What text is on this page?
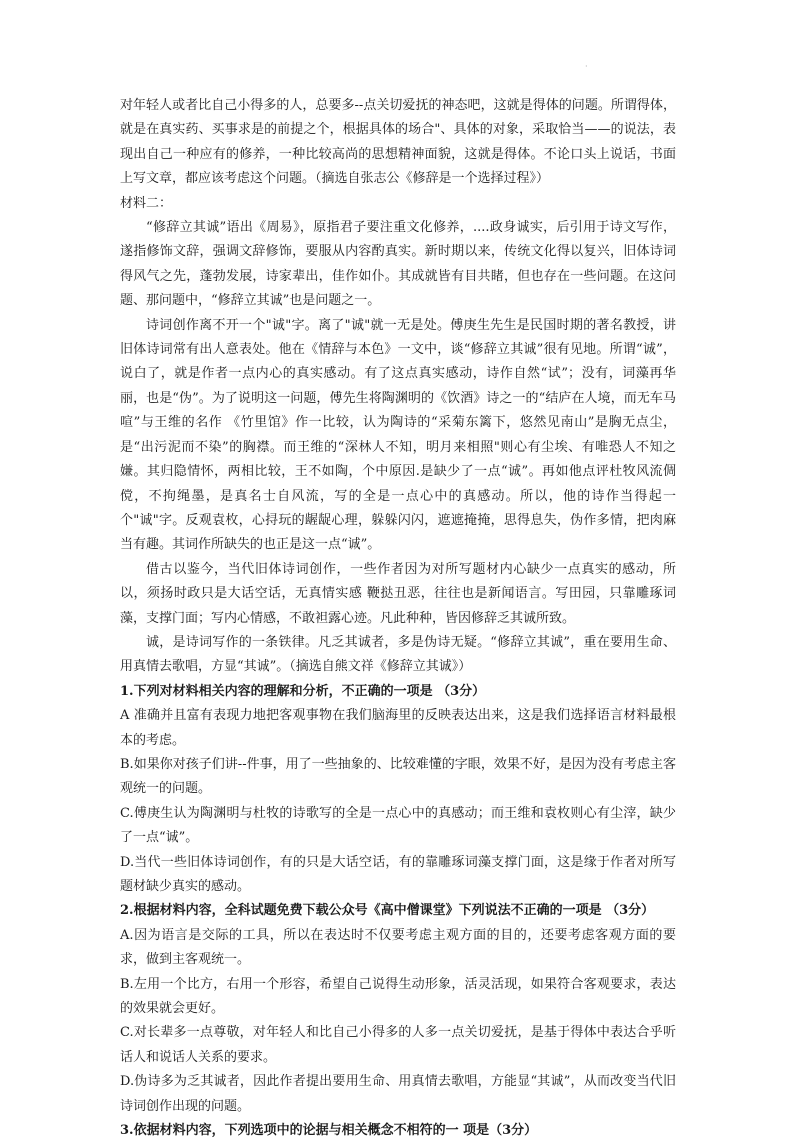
·

对年轻人或者比自己小得多的人，总要多--点关切爱抚的神态吧，这就是得体的问题。所谓得体，就是在真实药、买事求是的前提之个，根据具体的场合"、具体的对象，采取恰当——的说法，表现出自己一种应有的修养，一种比较高尚的思想精神面貌，这就是得体。不论口头上说话，书面上写文章，都应该考虑这个问题。（摘选自张志公《修辞是一个选择过程》）

材料二：

“修辞立其诚”语出《周易》，原指君子要注重文化修养，....政身诚实，后引用于诗文写作，遂指修饰文辞，强调文辞修饰，要服从内容酌真实。新时期以来，传统文化得以复兴，旧体诗词得风气之先，蓬勃发展，诗家辈出，佳作如仆。其成就皆有目共睹，但也存在一些问题。在这问题、那问题中，“修辞立其诚”也是问题之一。

诗词创作离不开一个"诚"字。离了"诚"就一无是处。傅庚生先生是民国时期的著名教授，讲旧体诗词常有出人意表处。他在《情辞与本色》一文中，谈“修辞立其诚”很有见地。所谓“诚”，说白了，就是作者一点内心的真实感动。有了这点真实感动，诗作自然“试”；没有，词藻再华丽，也是“伪”。为了说明这一问题，傅先生将陶渊明的《饮酒》诗之一的“结庐在人境，而无车马喧”与王维的名作 《竹里馆》作一比较，认为陶诗的“采菊东篱下，悠然见南山”是胸无点尘，是“出污泥而不染”的胸襟。而王维的“深林人不知，明月来相照"则心有尘埃、有唯恐人不知之嫌。其归隐情怀，两相比较，王不如陶，个中原因.是缺少了一点“诚”。再如他点评杜牧风流倜傥，不拘绳墨，是真名士自风流，写的全是一点心中的真感动。所以，他的诗作当得起一个"诚"字。反观袁枚，心挦玩的龌龊心理，躲躲闪闪，遮遮掩掩，思得息失，伪作多情，把肉麻当有趣。其词作所缺失的也正是这一点“诚”。

借古以鉴今，当代旧体诗词创作，一些作者因为对所写题材内心缺少一点真实的感动，所以，须扬时政只是大话空话，无真情实感 鞭挞丑恶，往往也是新闻语言。写田园，只靠雕琢词藻，支撑门面；写内心情感，不敢袒露心迹。凡此种种，皆因修辞乏其诚所致。

诚，是诗词写作的一条铁律。凡乏其诚者，多是伪诗无疑。“修辞立其诚”，重在要用生命、用真情去歌唱，方显“其诚”。（摘选自熊文祥《修辞立其诚》）

1.下列对材料相关内容的理解和分析，不正确的一项是 （3分）

A 准确并且富有表现力地把客观事物在我们脑海里的反映表达出来，这是我们选择语言材料最根本的考虑。

B.如果你对孩子们讲--件事，用了一些抽象的、比较难懂的字眼，效果不好，是因为没有考虑主客观统一的问题。

C.傅庚生认为陶渊明与杜牧的诗歌写的全是一点心中的真感动；而王维和袁枚则心有尘滓，缺少了一点“诚”。

D.当代一些旧体诗词创作，有的只是大话空话，有的靠雕琢词藻支撑门面，这是缘于作者对所写题材缺少真实的感动。

2.根据材料内容，全科试题免费下载公众号《高中僧课堂》下列说法不正确的一项是 （3分）

A.因为语言是交际的工具，所以在表达时不仅要考虑主观方面的目的，还要考虑客观方面的要求，做到主客观统一。

B.左用一个比方，右用一个形容，希望自己说得生动形象，活灵活现，如果符合客观要求，表达的效果就会更好。

C.对长辈多一点尊敬，对年轻人和比自己小得多的人多一点关切爱抚，是基于得体中表达合乎听话人和说话人关系的要求。

D.伪诗多为乏其诚者，因此作者提出要用生命、用真情去歌唱，方能显“其诚”，从而改变当代旧诗词创作出现的问题。

3.依据材料内容，下列选项中的论据与相关概念不相符的一 项是（3分）
